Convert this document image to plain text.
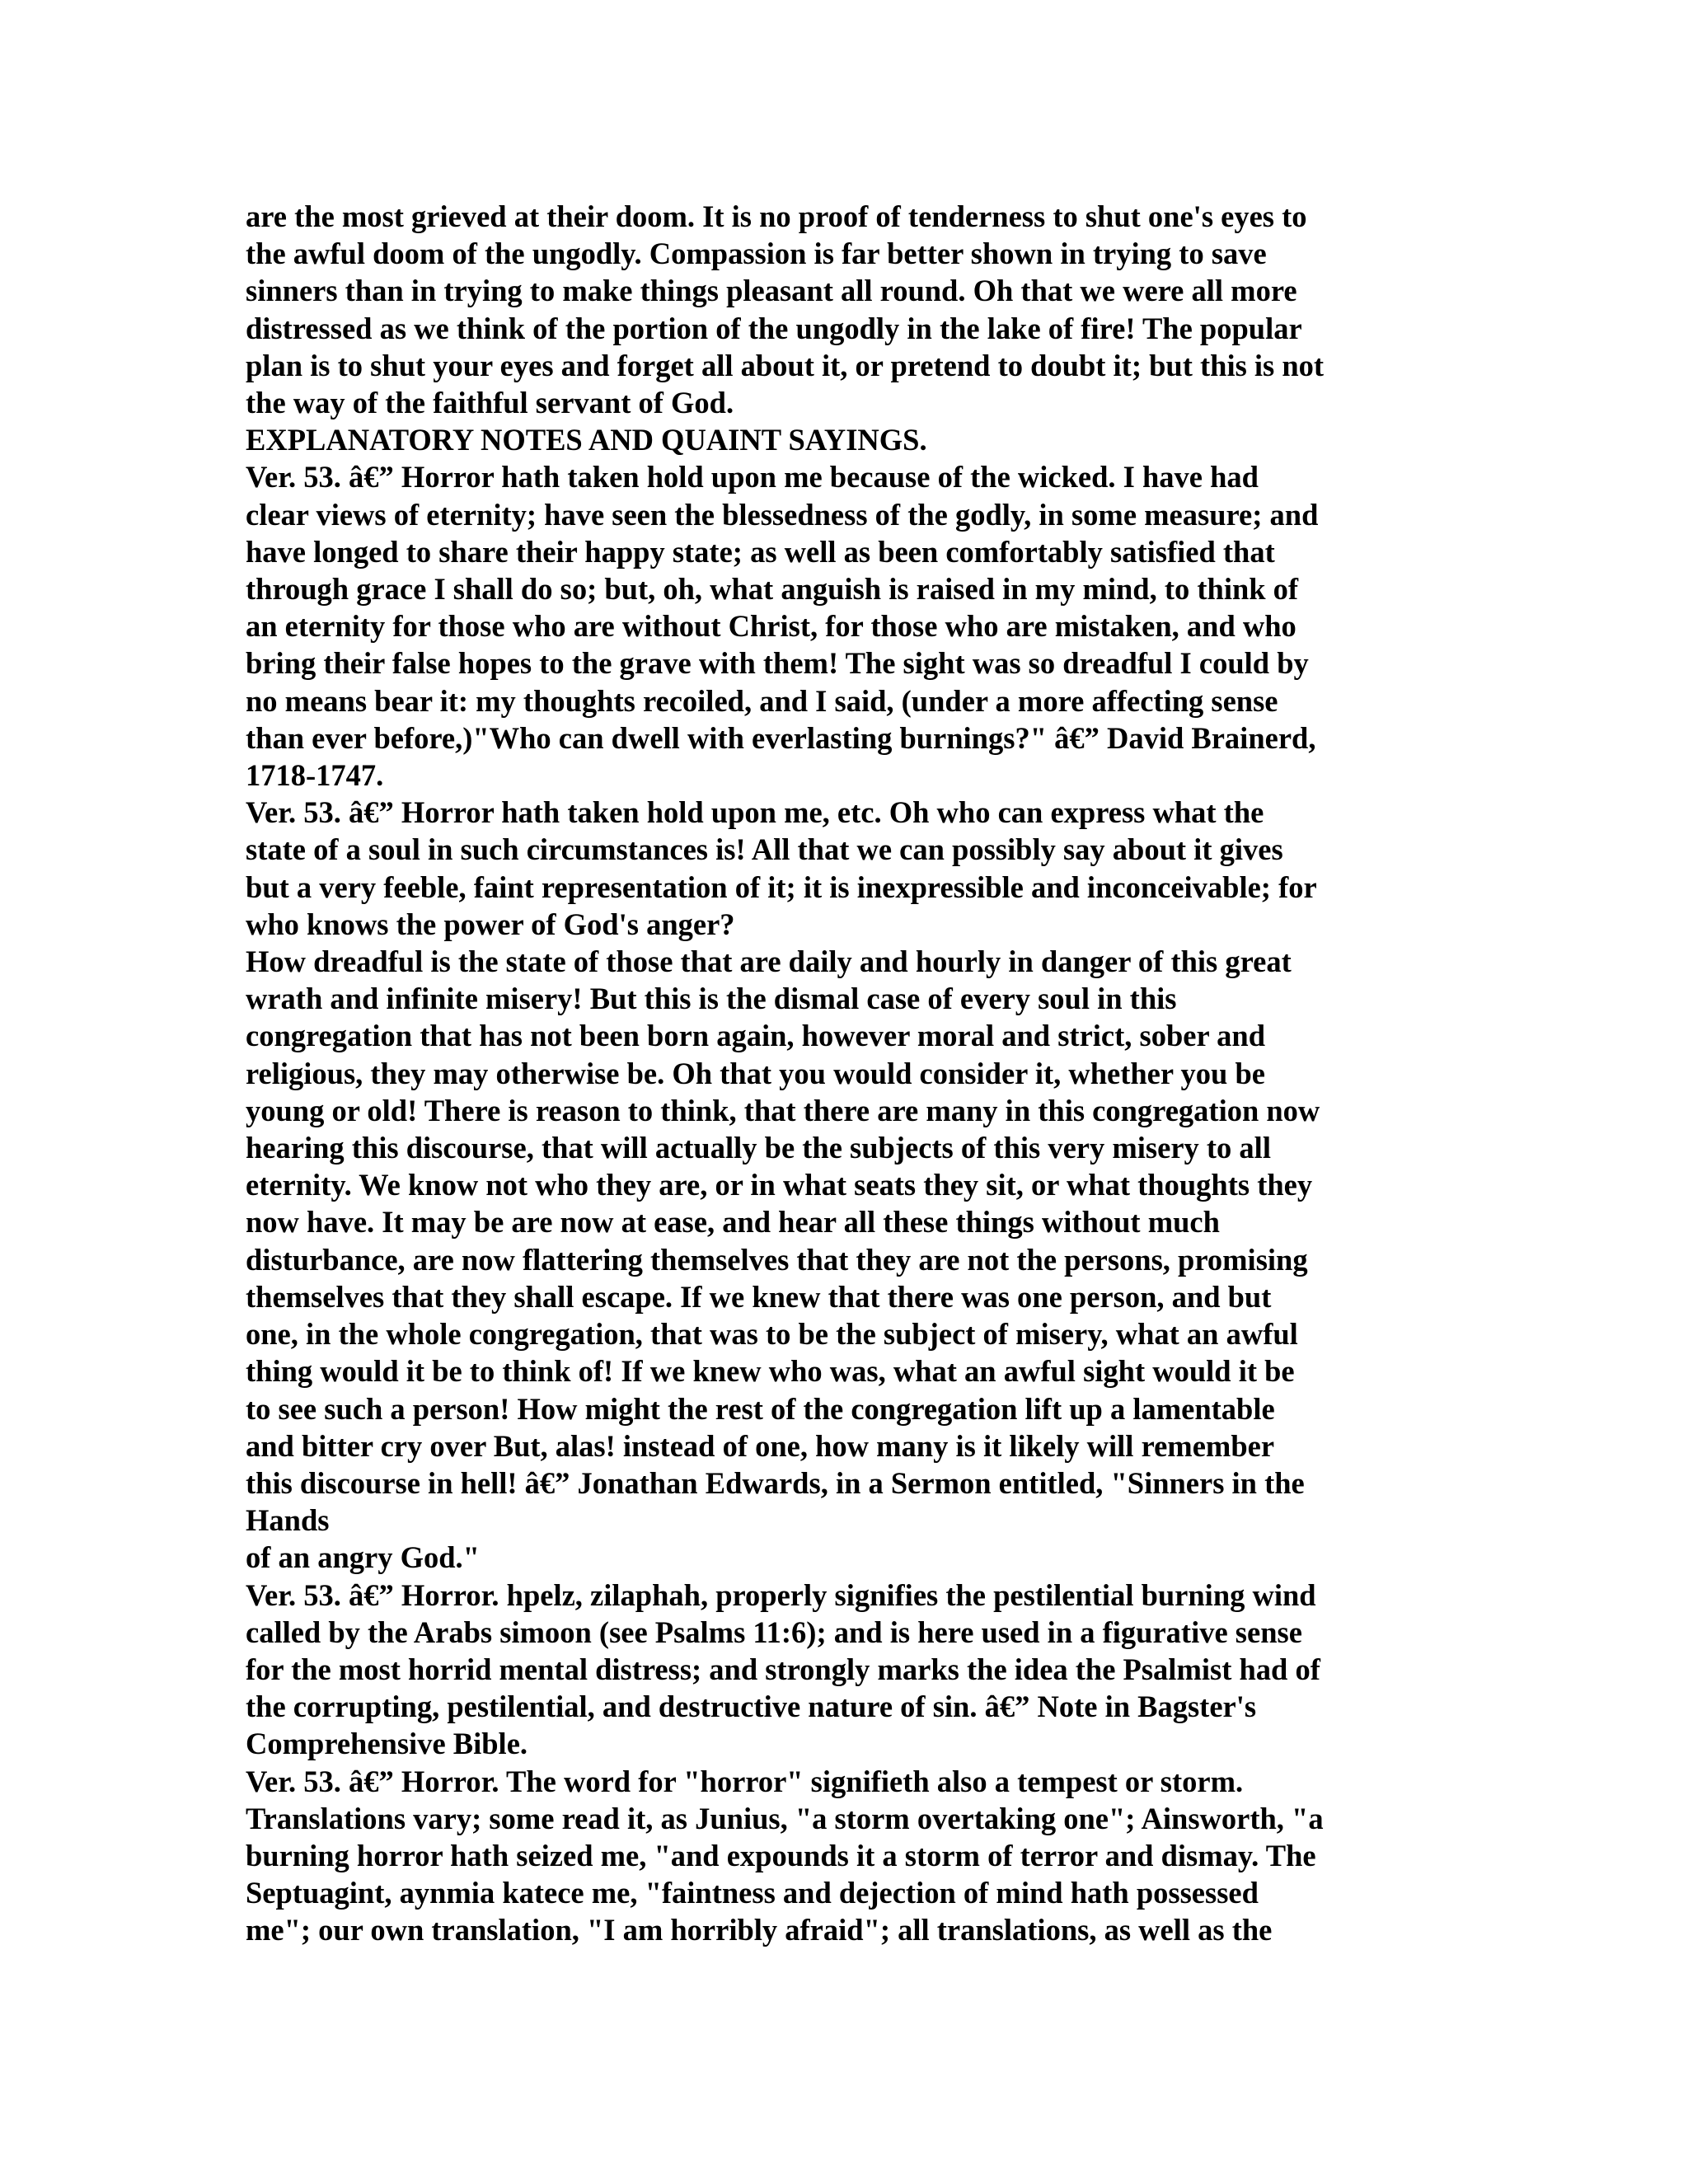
are the most grieved at their doom. It is no proof of tenderness to shut one's eyes to
the awful doom of the ungodly. Compassion is far better shown in trying to save
sinners than in trying to make things pleasant all round. Oh that we were all more
distressed as we think of the portion of the ungodly in the lake of fire! The popular
plan is to shut your eyes and forget all about it, or pretend to doubt it; but this is not
the way of the faithful servant of God.
EXPLANATORY NOTES AND QUAINT SAYINGS.
Ver. 53. â€” Horror hath taken hold upon me because of the wicked. I have had
clear views of eternity; have seen the blessedness of the godly, in some measure; and
have longed to share their happy state; as well as been comfortably satisfied that
through grace I shall do so; but, oh, what anguish is raised in my mind, to think of
an eternity for those who are without Christ, for those who are mistaken, and who
bring their false hopes to the grave with them! The sight was so dreadful I could by
no means bear it: my thoughts recoiled, and I said, (under a more affecting sense
than ever before,)"Who can dwell with everlasting burnings?" â€” David Brainerd,
1718-1747.
Ver. 53. â€” Horror hath taken hold upon me, etc. Oh who can express what the
state of a soul in such circumstances is! All that we can possibly say about it gives
but a very feeble, faint representation of it; it is inexpressible and inconceivable; for
who knows the power of God's anger?
How dreadful is the state of those that are daily and hourly in danger of this great
wrath and infinite misery! But this is the dismal case of every soul in this
congregation that has not been born again, however moral and strict, sober and
religious, they may otherwise be. Oh that you would consider it, whether you be
young or old! There is reason to think, that there are many in this congregation now
hearing this discourse, that will actually be the subjects of this very misery to all
eternity. We know not who they are, or in what seats they sit, or what thoughts they
now have. It may be are now at ease, and hear all these things without much
disturbance, are now flattering themselves that they are not the persons, promising
themselves that they shall escape. If we knew that there was one person, and but
one, in the whole congregation, that was to be the subject of misery, what an awful
thing would it be to think of! If we knew who was, what an awful sight would it be
to see such a person! How might the rest of the congregation lift up a lamentable
and bitter cry over But, alas! instead of one, how many is it likely will remember
this discourse in hell! â€” Jonathan Edwards, in a Sermon entitled, "Sinners in the
Hands
of an angry God."
Ver. 53. â€” Horror. hpelz, zilaphah, properly signifies the pestilential burning wind
called by the Arabs simoon (see Psalms 11:6); and is here used in a figurative sense
for the most horrid mental distress; and strongly marks the idea the Psalmist had of
the corrupting, pestilential, and destructive nature of sin. â€” Note in Bagster's
Comprehensive Bible.
Ver. 53. â€” Horror. The word for "horror" signifieth also a tempest or storm.
Translations vary; some read it, as Junius, "a storm overtaking one"; Ainsworth, "a
burning horror hath seized me, "and expounds it a storm of terror and dismay. The
Septuagint, aynmia katece me, "faintness and dejection of mind hath possessed
me"; our own translation, "I am horribly afraid"; all translations, as well as the
